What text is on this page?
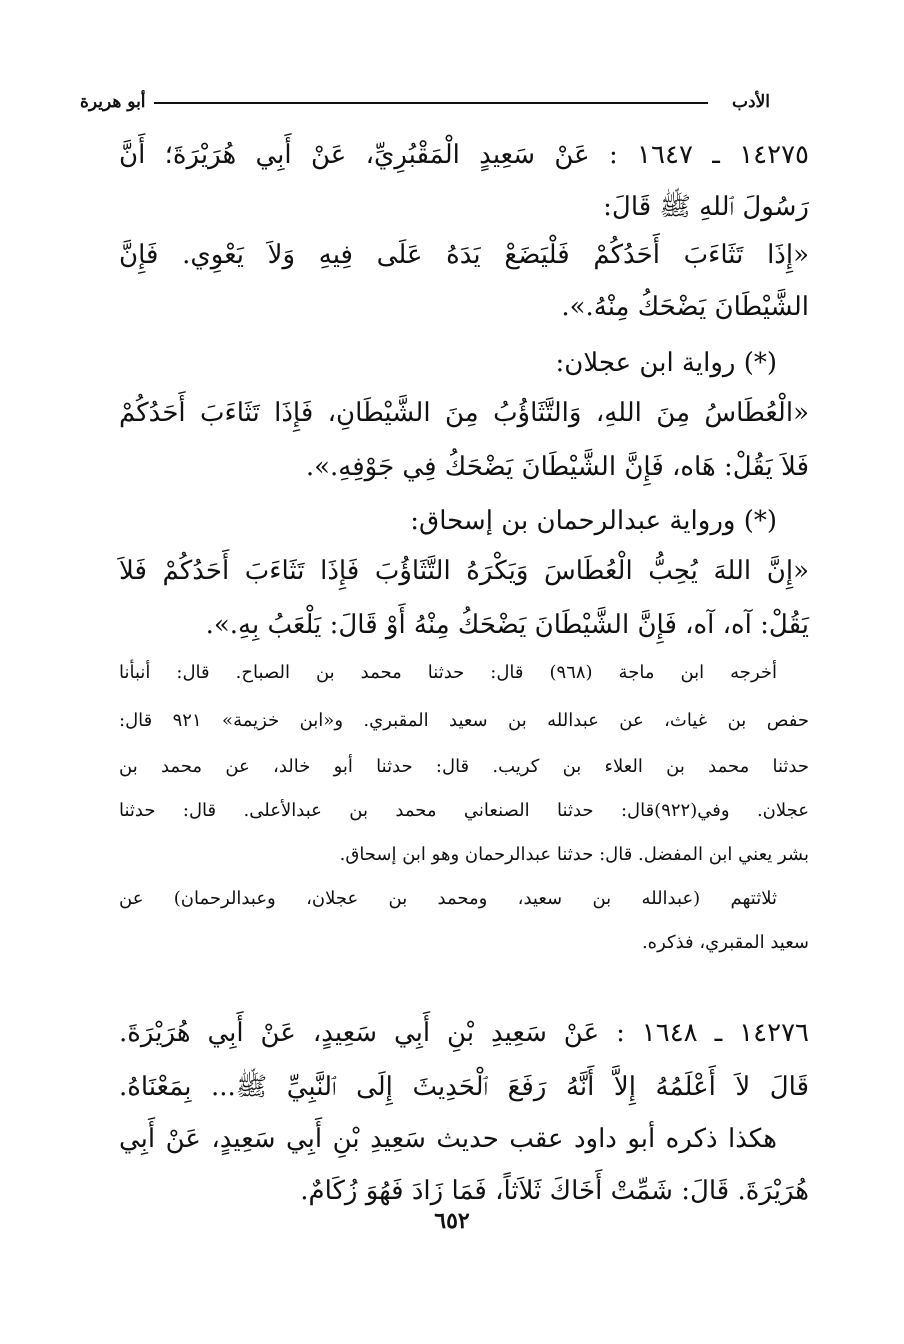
الأدب
أبو هريرة
١٤٢٧٥ ـ ١٦٤٧ : عَنْ سَعِيدٍ الْمَقْبُرِيِّ، عَنْ أَبِي هُرَيْرَةَ؛ أَنَّ
رَسُولَ ٱللهِ ﷺ قَالَ:
«إِذَا تَثَاءَبَ أَحَدُكُمْ فَلْيَضَعْ يَدَهُ عَلَى فِيهِ وَلاَ يَعْوِي. فَإِنَّ
الشَّيْطَانَ يَضْحَكُ مِنْهُ.».
(*) رواية ابن عجلان:
«الْعُطَاسُ مِنَ اللهِ، وَالتَّثَاؤُبُ مِنَ الشَّيْطَانِ، فَإِذَا تَثَاءَبَ أَحَدُكُمْ
فَلاَ يَقُلْ: هَاه، فَإِنَّ الشَّيْطَانَ يَضْحَكُ فِي جَوْفِهِ.».
(*) ورواية عبدالرحمان بن إسحاق:
«إِنَّ اللهَ يُحِبُّ الْعُطَاسَ وَيَكْرَهُ التَّثَاؤُبَ فَإِذَا تَثَاءَبَ أَحَدُكُمْ فَلاَ
يَقُلْ: آه، آه، فَإِنَّ الشَّيْطَانَ يَضْحَكُ مِنْهُ أَوْ قَالَ: يَلْعَبُ بِهِ.».
أخرجه ابن ماجة (٩٦٨) قال: حدثنا محمد بن الصباح. قال: أنبأنا
حفص بن غياث، عن عبدالله بن سعيد المقبري. و«ابن خزيمة» ٩٢١ قال:
حدثنا محمد بن العلاء بن كريب. قال: حدثنا أبو خالد، عن محمد بن
عجلان. وفي(٩٢٢)قال: حدثنا الصنعاني محمد بن عبدالأعلى. قال: حدثنا
بشر يعني ابن المفضل. قال: حدثنا عبدالرحمان وهو ابن إسحاق.
ثلاثتهم (عبدالله بن سعيد، ومحمد بن عجلان، وعبدالرحمان) عن
سعيد المقبري، فذكره.
١٤٢٧٦ ـ ١٦٤٨ : عَنْ سَعِيدِ بْنِ أَبِي سَعِيدٍ، عَنْ أَبِي هُرَيْرَةَ.
قَالَ لاَ أَعْلَمُهُ إِلاَّ أَنَّهُ رَفَعَ ٱلْحَدِيثَ إِلَى ٱلنَّبِيِّ ﷺ... بِمَعْنَاهُ.
هكذا ذكره أبو داود عقب حديث سَعِيدِ بْنِ أَبِي سَعِيدٍ، عَنْ أَبِي
هُرَيْرَةَ. قَالَ: شَمِّتْ أَخَاكَ ثَلاَثاً، فَمَا زَادَ فَهُوَ زُكَامٌ.
٦٥٢
